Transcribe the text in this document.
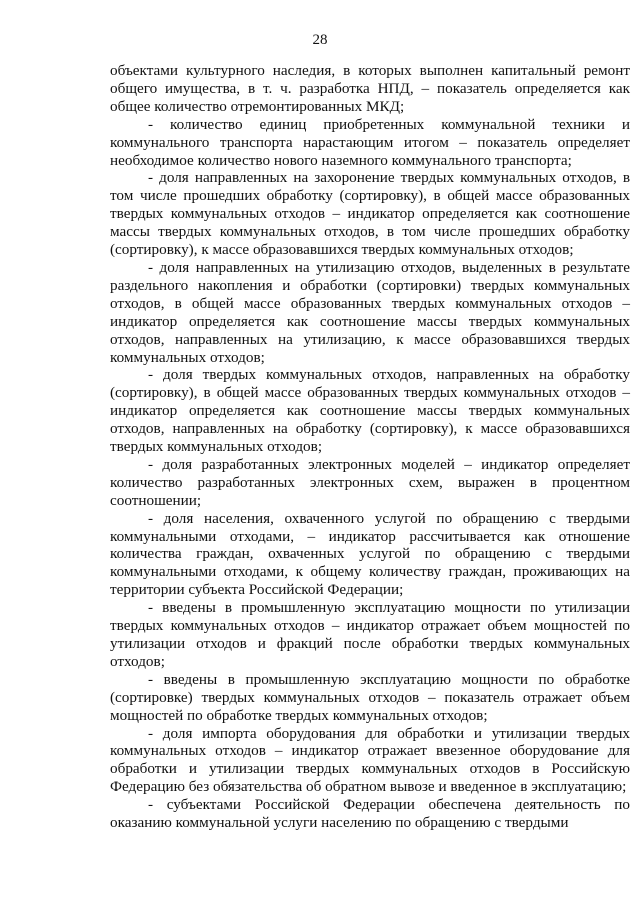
28

объектами культурного наследия, в которых выполнен капитальный ремонт общего имущества, в т. ч. разработка НПД, – показатель определяется как общее количество отремонтированных МКД;

- количество единиц приобретенных коммунальной техники и коммунального транспорта нарастающим итогом – показатель определяет необходимое количество нового наземного коммунального транспорта;

- доля направленных на захоронение твердых коммунальных отходов, в том числе прошедших обработку (сортировку), в общей массе образованных твердых коммунальных отходов – индикатор определяется как соотношение массы твердых коммунальных отходов, в том числе прошедших обработку (сортировку), к массе образовавшихся твердых коммунальных отходов;

- доля направленных на утилизацию отходов, выделенных в результате раздельного накопления и обработки (сортировки) твердых коммунальных отходов, в общей массе образованных твердых коммунальных отходов – индикатор определяется как соотношение массы твердых коммунальных отходов, направленных на утилизацию, к массе образовавшихся твердых коммунальных отходов;

- доля твердых коммунальных отходов, направленных на обработку (сортировку), в общей массе образованных твердых коммунальных отходов – индикатор определяется как соотношение массы твердых коммунальных отходов, направленных на обработку (сортировку), к массе образовавшихся твердых коммунальных отходов;

- доля разработанных электронных моделей – индикатор определяет количество разработанных электронных схем, выражен в процентном соотношении;

- доля населения, охваченного услугой по обращению с твердыми коммунальными отходами, – индикатор рассчитывается как отношение количества граждан, охваченных услугой по обращению с твердыми коммунальными отходами, к общему количеству граждан, проживающих на территории субъекта Российской Федерации;

- введены в промышленную эксплуатацию мощности по утилизации твердых коммунальных отходов – индикатор отражает объем мощностей по утилизации отходов и фракций после обработки твердых коммунальных отходов;

- введены в промышленную эксплуатацию мощности по обработке (сортировке) твердых коммунальных отходов – показатель отражает объем мощностей по обработке твердых коммунальных отходов;

- доля импорта оборудования для обработки и утилизации твердых коммунальных отходов – индикатор отражает ввезенное оборудование для обработки и утилизации твердых коммунальных отходов в Российскую Федерацию без обязательства об обратном вывозе и введенное в эксплуатацию;

- субъектами Российской Федерации обеспечена деятельность по оказанию коммунальной услуги населению по обращению с твердыми
